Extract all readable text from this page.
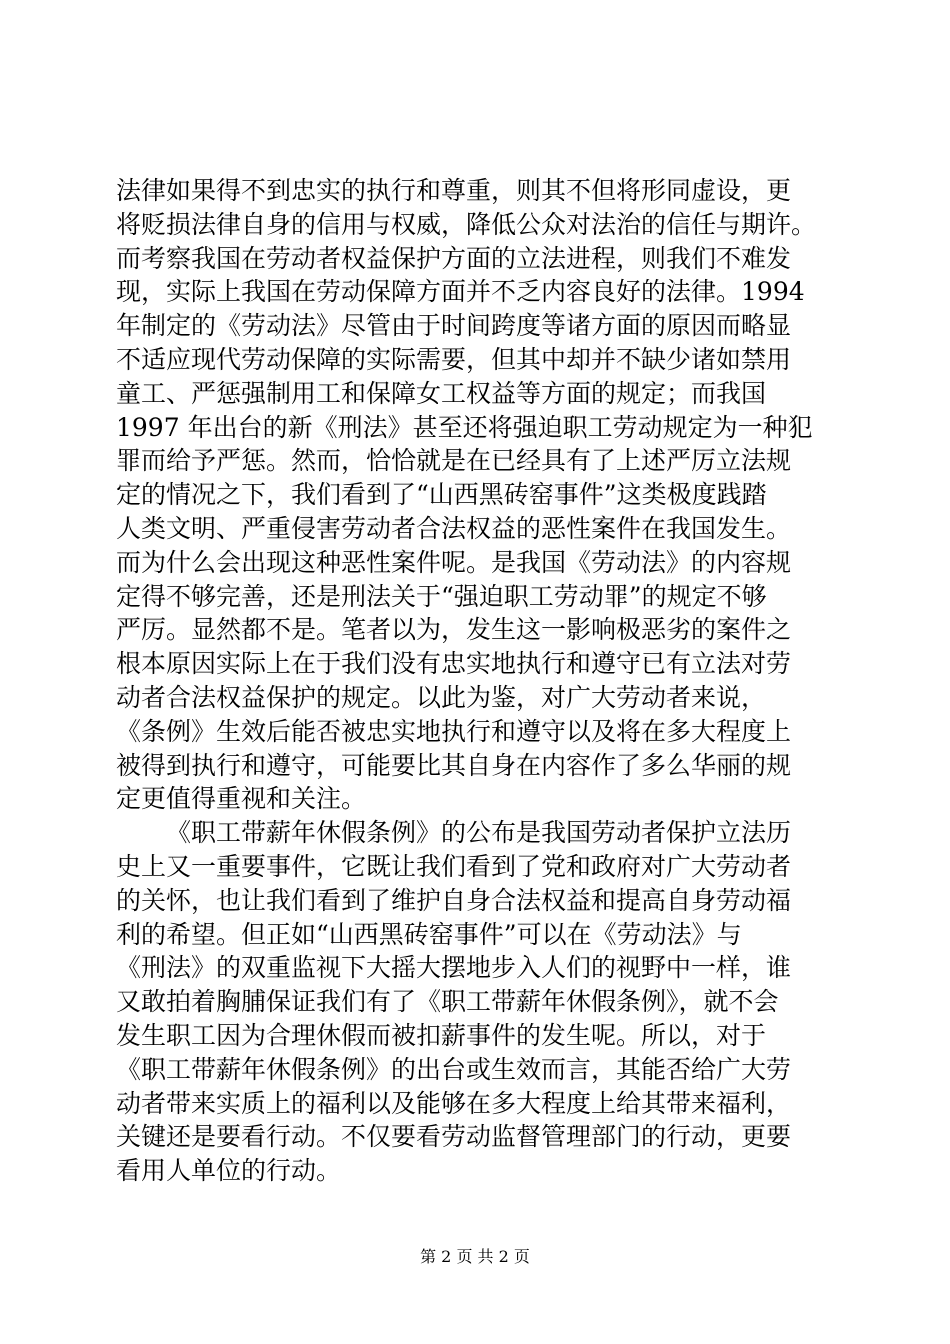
法律如果得不到忠实的执行和尊重，则其不但将形同虚设，更
将贬损法律自身的信用与权威，降低公众对法治的信任与期许。
而考察我国在劳动者权益保护方面的立法进程，则我们不难发
现，实际上我国在劳动保障方面并不乏内容良好的法律。1994
年制定的《劳动法》尽管由于时间跨度等诸方面的原因而略显
不适应现代劳动保障的实际需要，但其中却并不缺少诸如禁用
童工、严惩强制用工和保障女工权益等方面的规定；而我国
1997 年出台的新《刑法》甚至还将强迫职工劳动规定为一种犯
罪而给予严惩。然而，恰恰就是在已经具有了上述严厉立法规
定的情况之下，我们看到了“山西黑砖窑事件”这类极度践踏
人类文明、严重侵害劳动者合法权益的恶性案件在我国发生。
而为什么会出现这种恶性案件呢。是我国《劳动法》的内容规
定得不够完善，还是刑法关于“强迫职工劳动罪”的规定不够
严厉。显然都不是。笔者以为，发生这一影响极恶劣的案件之
根本原因实际上在于我们没有忠实地执行和遵守已有立法对劳
动者合法权益保护的规定。以此为鉴，对广大劳动者来说，
《条例》生效后能否被忠实地执行和遵守以及将在多大程度上
被得到执行和遵守，可能要比其自身在内容作了多么华丽的规
定更值得重视和关注。
《职工带薪年休假条例》的公布是我国劳动者保护立法历
史上又一重要事件，它既让我们看到了党和政府对广大劳动者
的关怀，也让我们看到了维护自身合法权益和提高自身劳动福
利的希望。但正如“山西黑砖窑事件”可以在《劳动法》与
《刑法》的双重监视下大摇大摆地步入人们的视野中一样，谁
又敢拍着胸脯保证我们有了《职工带薪年休假条例》，就不会
发生职工因为合理休假而被扣薪事件的发生呢。所以，对于
《职工带薪年休假条例》的出台或生效而言，其能否给广大劳
动者带来实质上的福利以及能够在多大程度上给其带来福利，
关键还是要看行动。不仅要看劳动监督管理部门的行动，更要
看用人单位的行动。
第 2 页 共 2 页
